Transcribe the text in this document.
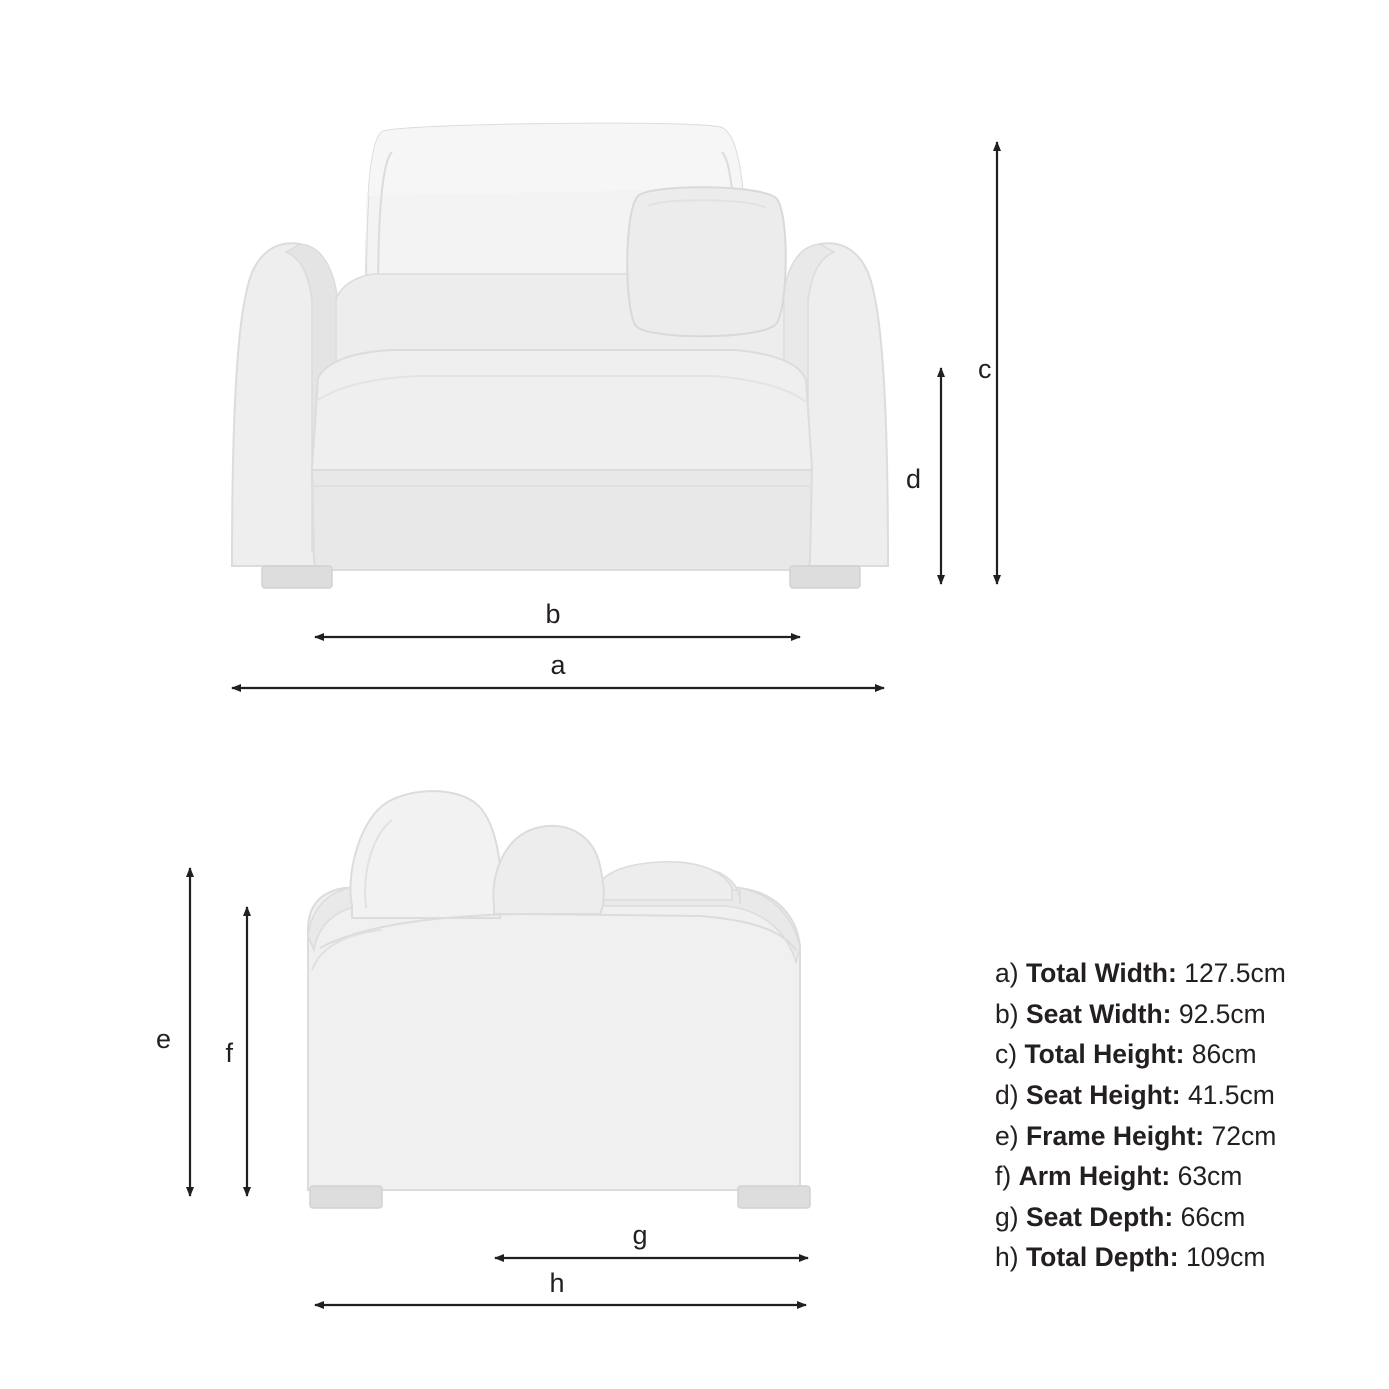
c
d
b
a
e f
g
h
a) Total Width: 127.5cm
b) Seat Width: 92.5cm
c) Total Height: 86cm
d) Seat Height: 41.5cm
e) Frame Height: 72cm
f) Arm Height: 63cm
g) Seat Depth: 66cm
h) Total Depth: 109cm
